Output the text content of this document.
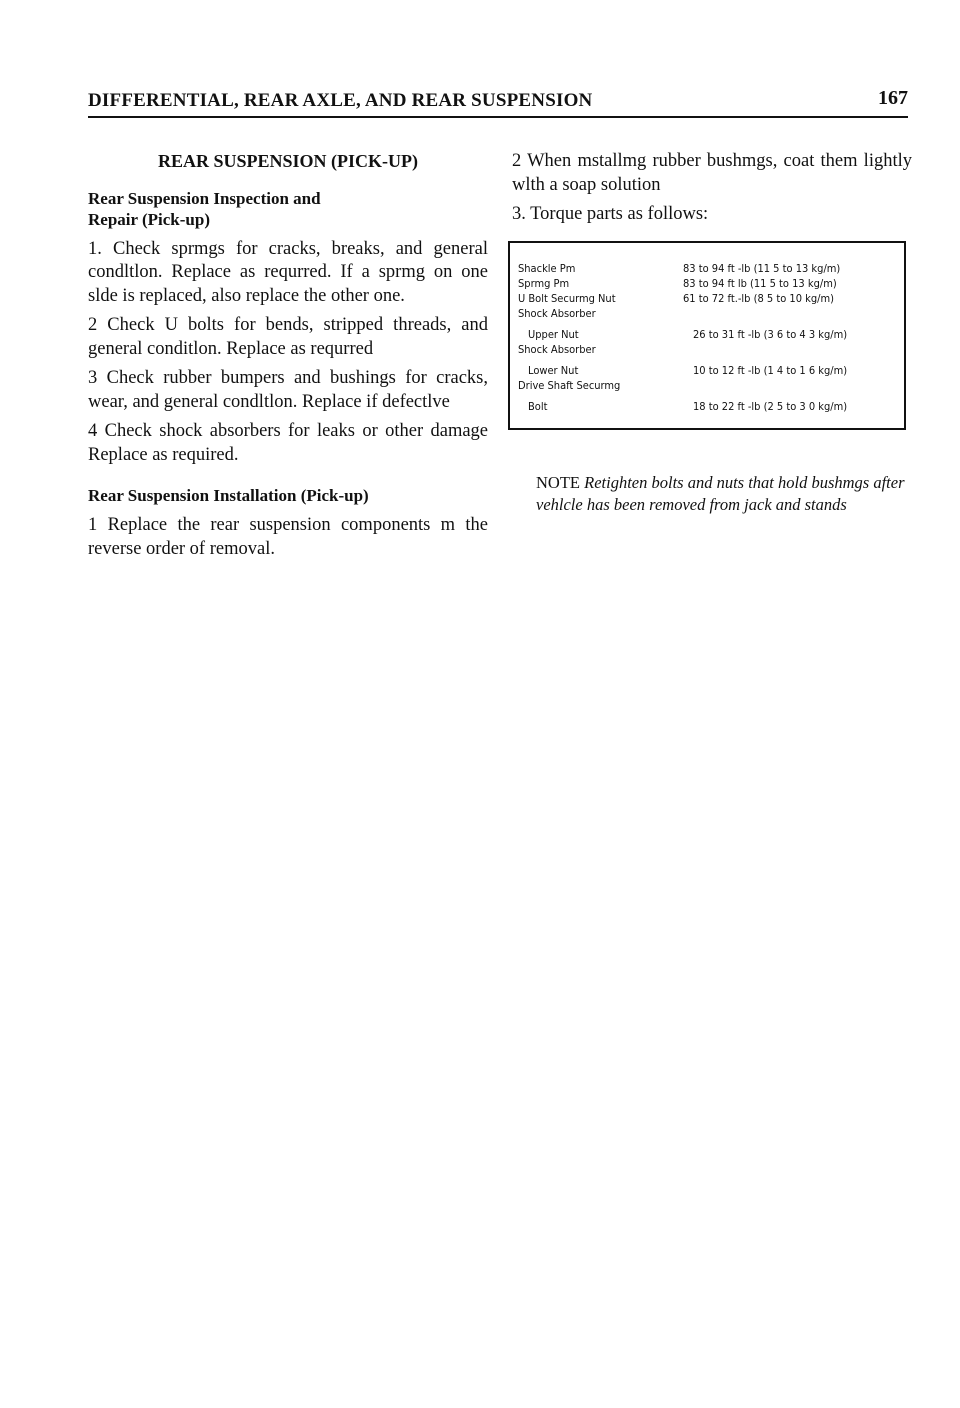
DIFFERENTIAL, REAR AXLE, AND REAR SUSPENSION	167
REAR SUSPENSION (PICK-UP)
Rear Suspension Inspection and
Repair (Pick-up)

1. Check sprmgs for cracks, breaks, and general condltlon. Replace as requrred. If a sprmg on one slde is replaced, also replace the other one.

2 Check U bolts for bends, stripped threads, and general conditlon. Replace as requrred

3 Check rubber bumpers and bushings for cracks, wear, and general condltlon. Replace if defectlve

4 Check shock absorbers for leaks or other damage Replace as required.

Rear Suspension Installation (Pick-up)

1 Replace the rear suspension components m the reverse order of removal.

2 When mstallmg rubber bushmgs, coat them lightly wlth a soap solution

3. Torque parts as follows:

Shackle Pm	83 to 94 ft -lb (11 5 to 13 kg/m)
Sprmg Pm	83 to 94 ft lb (11 5 to 13 kg/m)
U Bolt Securmg Nut	61 to 72 ft.-lb (8 5 to 10 kg/m)
Shock Absorber
Upper Nut	26 to 31 ft -lb (3 6 to 4 3 kg/m)
Shock Absorber
Lower Nut	10 to 12 ft -lb (1 4 to 1 6 kg/m)
Drive Shaft Securmg
Bolt	18 to 22 ft -lb (2 5 to 3 0 kg/m)
NOTE Retighten bolts and nuts that hold bushmgs after vehlcle has been removed from jack and stands
